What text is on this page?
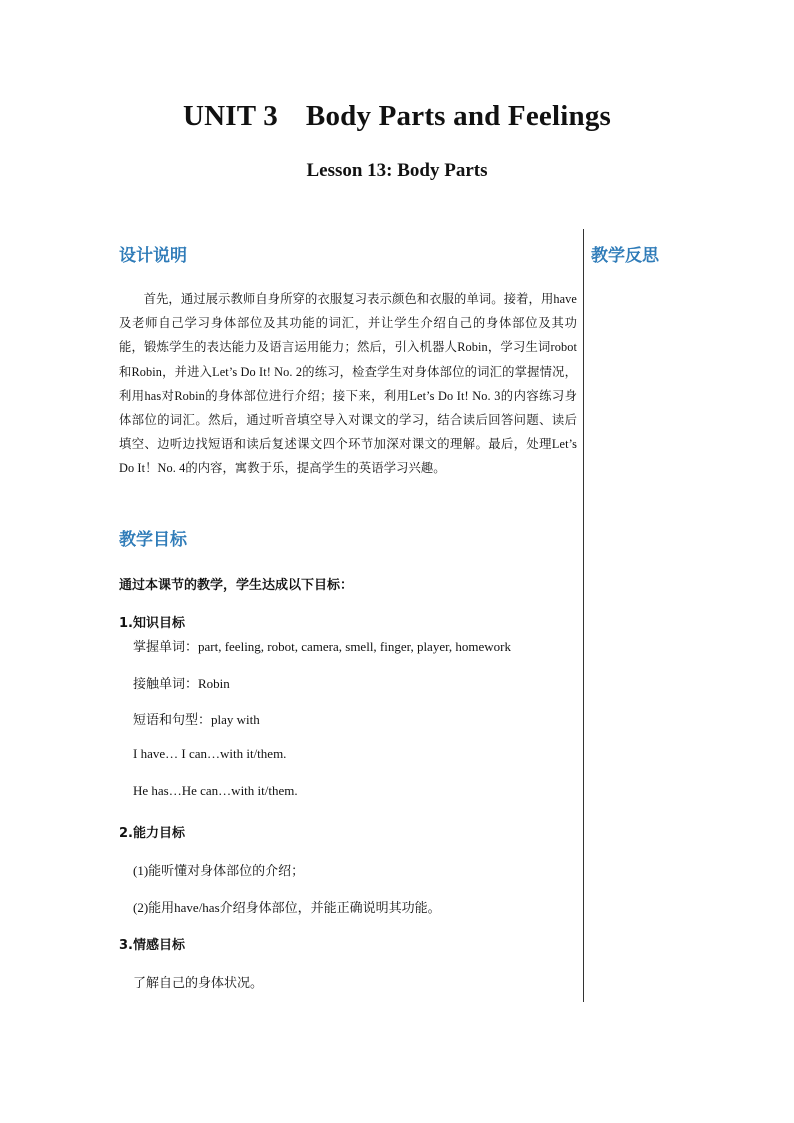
UNIT 3 Body Parts and Feelings
Lesson 13: Body Parts
设计说明	教学反思
首先，通过展示教师自身所穿的衣服复习表示颜色和衣服的单词。接着，用have及老师自己学习身体部位及其功能的词汇，并让学生介绍自己的身体部位及其功能，锻炼学生的表达能力及语言运用能力；然后，引入机器人Robin，学习生词robot和Robin，并进入Let’s Do It! No. 2的练习，检查学生对身体部位的词汇的掌握情况，利用has对Robin的身体部位进行介绍；接下来，利用Let’s Do It! No. 3的内容练习身体部位的词汇。然后，通过听音填空导入对课文的学习，结合读后回答问题、读后填空、边听边找短语和读后复述课文四个环节加深对课文的理解。最后，处理Let’s Do It！No. 4的内容，寓教于乐，提高学生的英语学习兴趣。
教学目标
通过本课节的教学，学生达成以下目标：
1.知识目标
掌握单词：part, feeling, robot, camera, smell, finger, player, homework
接触单词：Robin
短语和句型：play with
I have… I can…with it/them.
He has…He can…with it/them.
2.能力目标
(1)能听懂对身体部位的介绍；
(2)能用have/has介绍身体部位，并能正确说明其功能。
3.情感目标
了解自己的身体状况。
